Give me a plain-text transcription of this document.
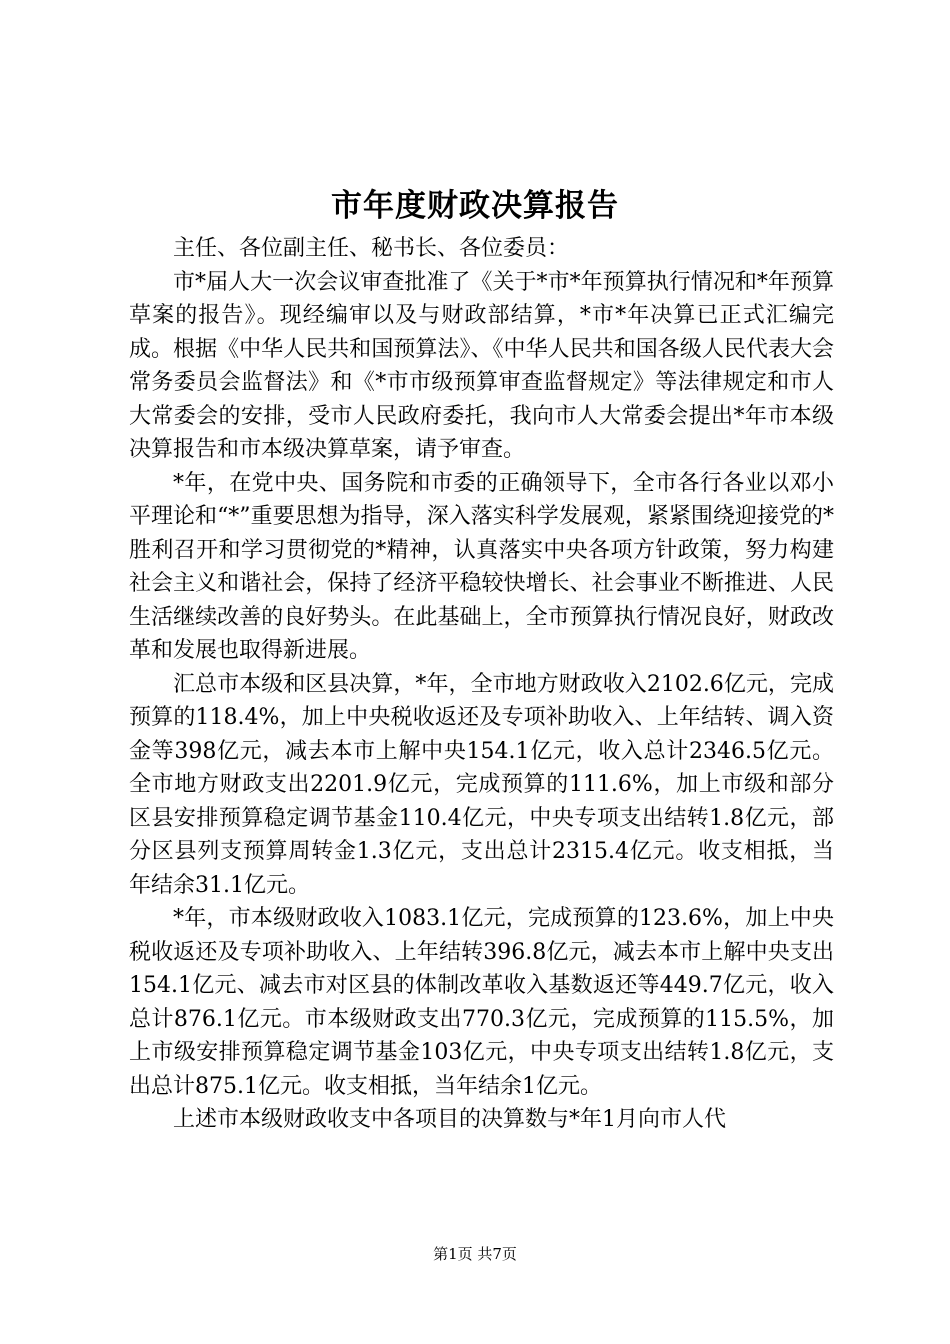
市年度财政决算报告

主任、各位副主任、秘书长、各位委员：

市*届人大一次会议审查批准了《关于*市*年预算执行情况和*年预算草案的报告》。现经编审以及与财政部结算，*市*年决算已正式汇编完成。根据《中华人民共和国预算法》、《中华人民共和国各级人民代表大会常务委员会监督法》和《*市市级预算审查监督规定》等法律规定和市人大常委会的安排，受市人民政府委托，我向市人大常委会提出*年市本级决算报告和市本级决算草案，请予审查。

*年，在党中央、国务院和市委的正确领导下，全市各行各业以邓小平理论和“*”重要思想为指导，深入落实科学发展观，紧紧围绕迎接党的*胜利召开和学习贯彻党的*精神，认真落实中央各项方针政策，努力构建社会主义和谐社会，保持了经济平稳较快增长、社会事业不断推进、人民生活继续改善的良好势头。在此基础上，全市预算执行情况良好，财政改革和发展也取得新进展。

汇总市本级和区县决算，*年，全市地方财政收入2102.6亿元，完成预算的118.4%，加上中央税收返还及专项补助收入、上年结转、调入资金等398亿元，减去本市上解中央154.1亿元，收入总计2346.5亿元。全市地方财政支出2201.9亿元，完成预算的111.6%，加上市级和部分区县安排预算稳定调节基金110.4亿元，中央专项支出结转1.8亿元，部分区县列支预算周转金1.3亿元，支出总计2315.4亿元。收支相抵，当年结余31.1亿元。

*年，市本级财政收入1083.1亿元，完成预算的123.6%，加上中央税收返还及专项补助收入、上年结转396.8亿元，减去本市上解中央支出154.1亿元、减去市对区县的体制改革收入基数返还等449.7亿元，收入总计876.1亿元。市本级财政支出770.3亿元，完成预算的115.5%，加上市级安排预算稳定调节基金103亿元，中央专项支出结转1.8亿元，支出总计875.1亿元。收支相抵，当年结余1亿元。

上述市本级财政收支中各项目的决算数与*年1月向市人代

第1页 共7页
